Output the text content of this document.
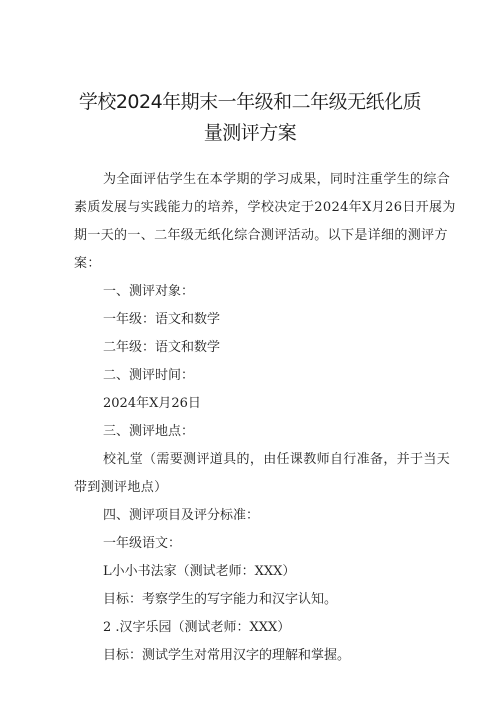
学校2024年期末一年级和二年级无纸化质
量测评方案

为全面评估学生在本学期的学习成果，同时注重学生的综合

素质发展与实践能力的培养，学校决定于2024年X月26日开展为

期一天的一、二年级无纸化综合测评活动。以下是详细的测评方

案：

一、测评对象：

一年级：语文和数学

二年级：语文和数学

二、测评时间：

2024年X月26日

三、测评地点：

校礼堂（需要测评道具的，由任课教师自行准备，并于当天

带到测评地点）

四、测评项目及评分标准：

一年级语文：

L小小书法家（测试老师：XXX）

目标：考察学生的写字能力和汉字认知。

2 .汉字乐园（测试老师：XXX）

目标：测试学生对常用汉字的理解和掌握。
